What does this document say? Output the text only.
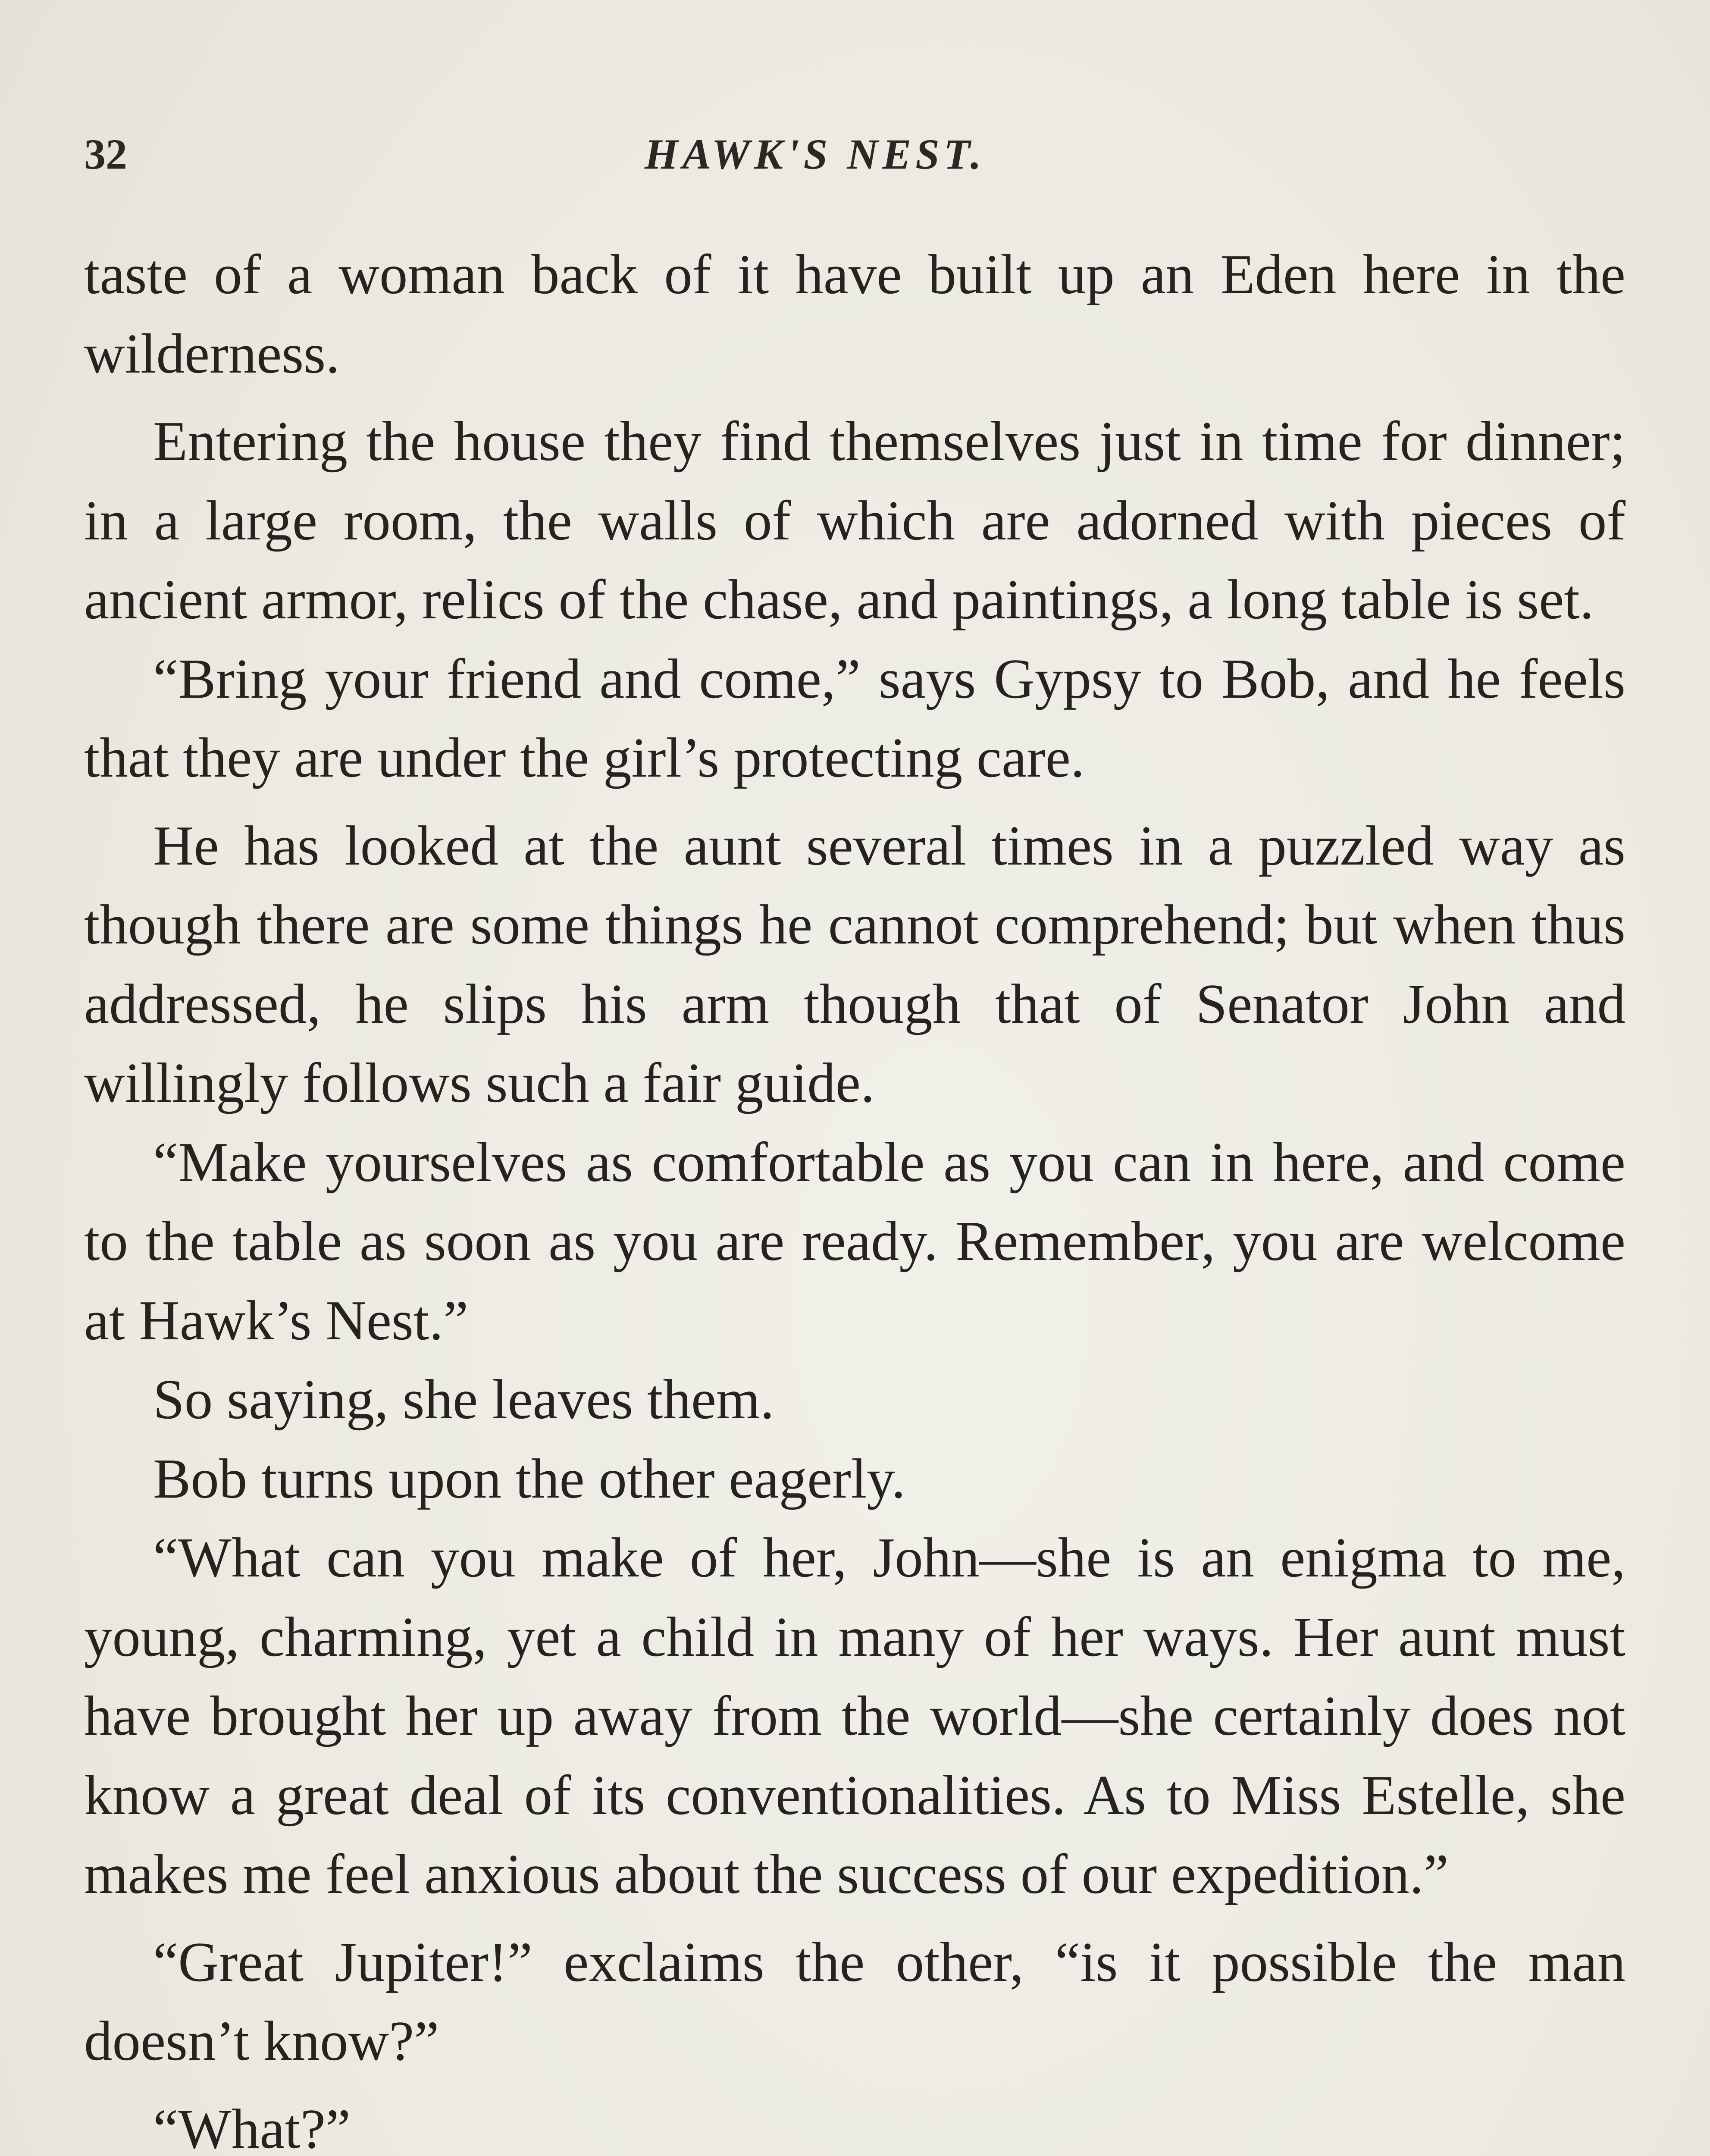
32	HAWK'S NEST.

taste of a woman back of it have built up an Eden here in the wilderness.

Entering the house they find themselves just in time for dinner; in a large room, the walls of which are adorned with pieces of ancient armor, relics of the chase, and paintings, a long table is set.

“Bring your friend and come,” says Gypsy to Bob, and he feels that they are under the girl’s protecting care.

He has looked at the aunt several times in a puzzled way as though there are some things he cannot comprehend; but when thus addressed, he slips his arm though that of Senator John and willingly follows such a fair guide.

“Make yourselves as comfortable as you can in here, and come to the table as soon as you are ready. Remember, you are welcome at Hawk’s Nest.”

So saying, she leaves them.

Bob turns upon the other eagerly.

“What can you make of her, John—she is an enigma to me, young, charming, yet a child in many of her ways. Her aunt must have brought her up away from the world—she certainly does not know a great deal of its conventionalities. As to Miss Estelle, she makes me feel anxious about the success of our expedition.”

“Great Jupiter!” exclaims the other, “is it possible the man doesn’t know?”

“What?”
